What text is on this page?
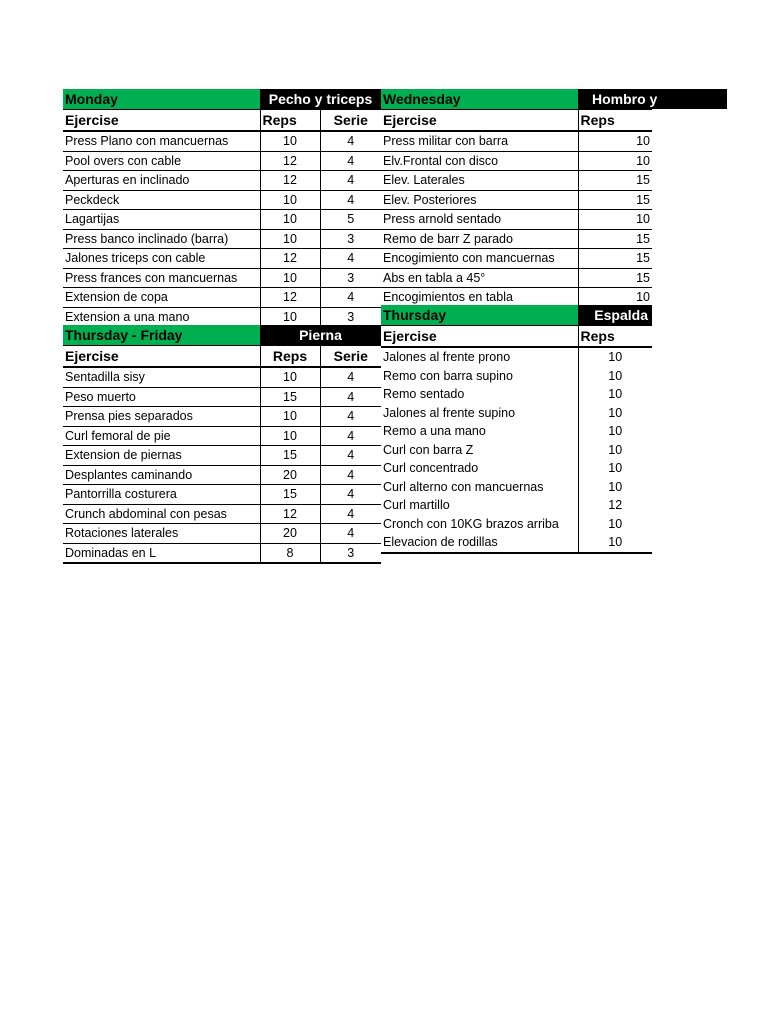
Monday	Pecho y triceps	
Ejercise	Reps	Serie
Press Plano con mancuernas	10	4
Pool overs con cable	12	4
Aperturas en inclinado	12	4
Peckdeck	10	4
Lagartijas	10	5
Press banco inclinado (barra)	10	3
Jalones triceps con cable	12	4
Press frances con mancuernas	10	3
Extension de copa	12	4
Extension a una mano	10	3
Thursday - Friday	Pierna	
Ejercise	Reps	Serie
Sentadilla sisy	10	4
Peso muerto	15	4
Prensa pies separados	10	4
Curl femoral de pie	10	4
Extension de piernas	15	4
Desplantes caminando	20	4
Pantorrilla costurera	15	4
Crunch abdominal con pesas	12	4
Rotaciones laterales	20	4
Dominadas en L	8	3
Wednesday	Hombro y
Ejercise	Reps
Press militar con barra	10
Elv.Frontal con disco	10
Elev. Laterales	15
Elev. Posteriores	15
Press arnold sentado	10
Remo de barr Z parado	15
Encogimiento con mancuernas	15
Abs en tabla a 45°	15
Encogimientos en tabla	10
Thursday	Espalda
Ejercise	Reps
Jalones al frente prono	10
Remo con barra supino	10
Remo sentado	10
Jalones al frente supino	10
Remo a una mano	10
Curl con barra Z	10
Curl concentrado	10
Curl alterno con mancuernas	10
Curl martillo	12
Cronch con 10KG brazos arriba	10
Elevacion de rodillas	10
